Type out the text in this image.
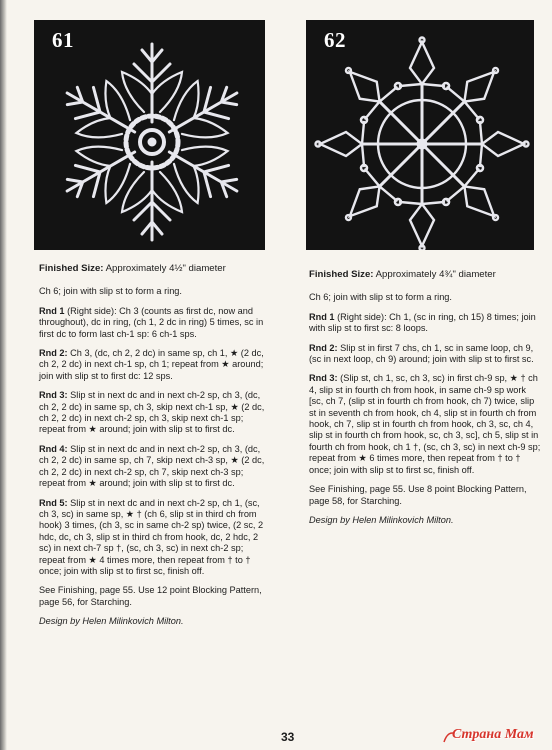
61	62
Finished Size: Approximately 4½" diameter
Ch 6; join with slip st to form a ring.
Rnd 1 (Right side): Ch 3 (counts as first dc, now and throughout), dc in ring, (ch 1, 2 dc in ring) 5 times, sc in first dc to form last ch-1 sp: 6 ch-1 sps.
Rnd 2: Ch 3, (dc, ch 2, 2 dc) in same sp, ch 1, ★ (2 dc, ch 2, 2 dc) in next ch-1 sp, ch 1; repeat from ★ around; join with slip st to first dc: 12 sps.
Rnd 3: Slip st in next dc and in next ch-2 sp, ch 3, (dc, ch 2, 2 dc) in same sp, ch 3, skip next ch-1 sp, ★ (2 dc, ch 2, 2 dc) in next ch-2 sp, ch 3, skip next ch-1 sp; repeat from ★ around; join with slip st to first dc.
Rnd 4: Slip st in next dc and in next ch-2 sp, ch 3, (dc, ch 2, 2 dc) in same sp, ch 7, skip next ch-3 sp, ★ (2 dc, ch 2, 2 dc) in next ch-2 sp, ch 7, skip next ch-3 sp; repeat from ★ around; join with slip st to first dc.
Rnd 5: Slip st in next dc and in next ch-2 sp, ch 1, (sc, ch 3, sc) in same sp, ★ † (ch 6, slip st in third ch from hook) 3 times, (ch 3, sc in same ch-2 sp) twice, (2 sc, 2 hdc, dc, ch 3, slip st in third ch from hook, dc, 2 hdc, 2 sc) in next ch-7 sp †, (sc, ch 3, sc) in next ch-2 sp; repeat from ★ 4 times more, then repeat from † to † once; join with slip st to first sc, finish off.
See Finishing, page 55. Use 12 point Blocking Pattern, page 56, for Starching.
Design by Helen Milinkovich Milton.
Finished Size: Approximately 4¾" diameter
Ch 6; join with slip st to form a ring.
Rnd 1 (Right side): Ch 1, (sc in ring, ch 15) 8 times; join with slip st to first sc: 8 loops.
Rnd 2: Slip st in first 7 chs, ch 1, sc in same loop, ch 9, (sc in next loop, ch 9) around; join with slip st to first sc.
Rnd 3: (Slip st, ch 1, sc, ch 3, sc) in first ch-9 sp, ★ † ch 4, slip st in fourth ch from hook, in same ch-9 sp work [sc, ch 7, (slip st in fourth ch from hook, ch 7) twice, slip st in seventh ch from hook, ch 4, slip st in fourth ch from hook, ch 7, slip st in fourth ch from hook, ch 3, sc, ch 4, slip st in fourth ch from hook, sc, ch 3, sc], ch 5, slip st in fourth ch from hook, ch 1 †, (sc, ch 3, sc) in next ch-9 sp; repeat from ★ 6 times more, then repeat from † to † once; join with slip st to first sc, finish off.
See Finishing, page 55. Use 8 point Blocking Pattern, page 58, for Starching.
Design by Helen Milinkovich Milton.
33	Страна Мам
